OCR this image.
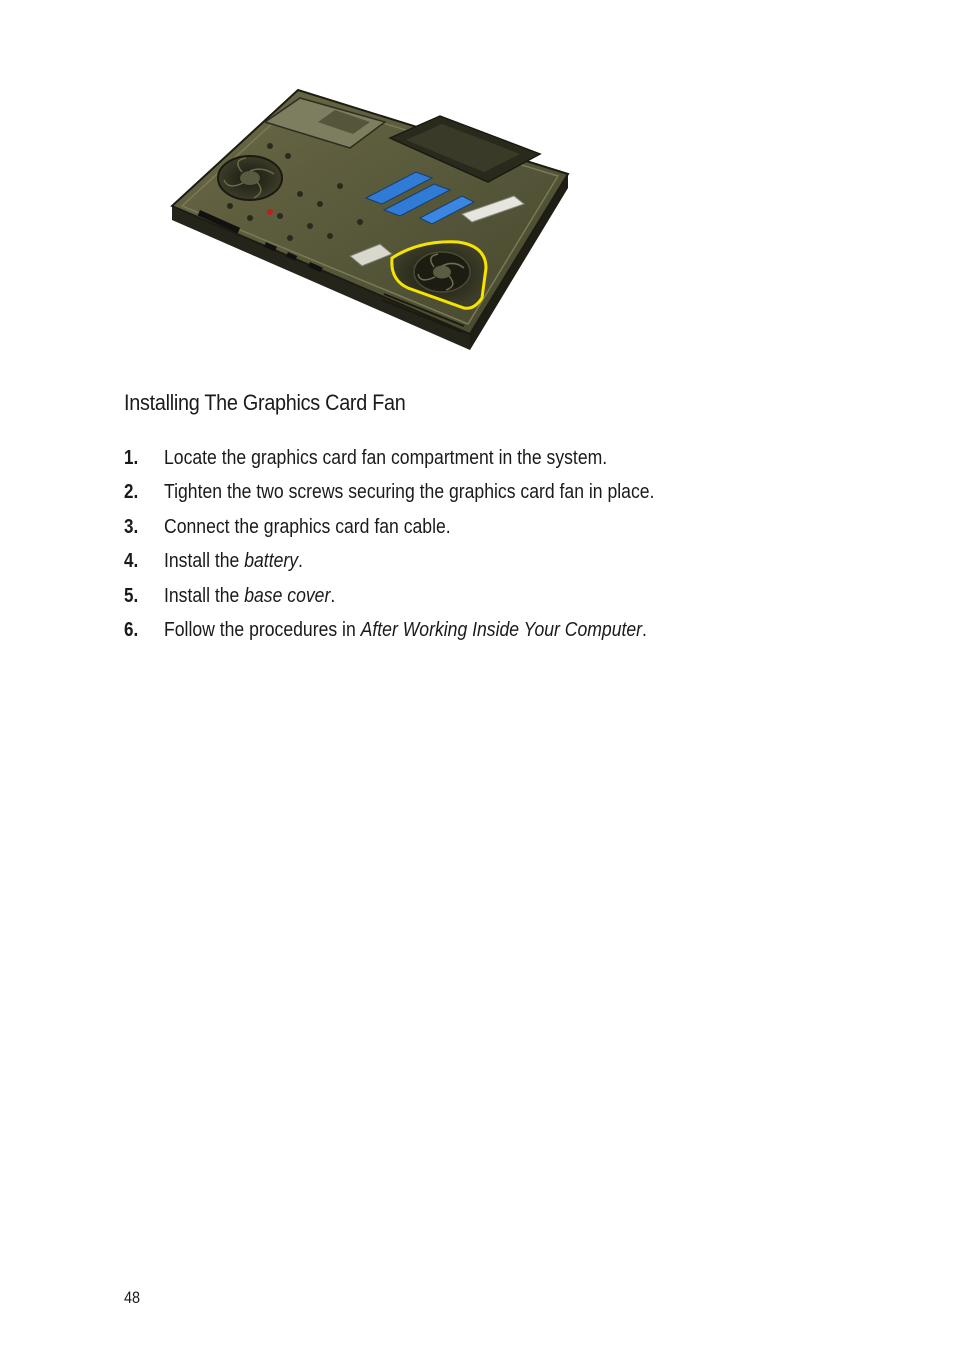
Installing The Graphics Card Fan
1. Locate the graphics card fan compartment in the system.
2. Tighten the two screws securing the graphics card fan in place.
3. Connect the graphics card fan cable.
4. Install the battery.
5. Install the base cover.
6. Follow the procedures in After Working Inside Your Computer.
48
